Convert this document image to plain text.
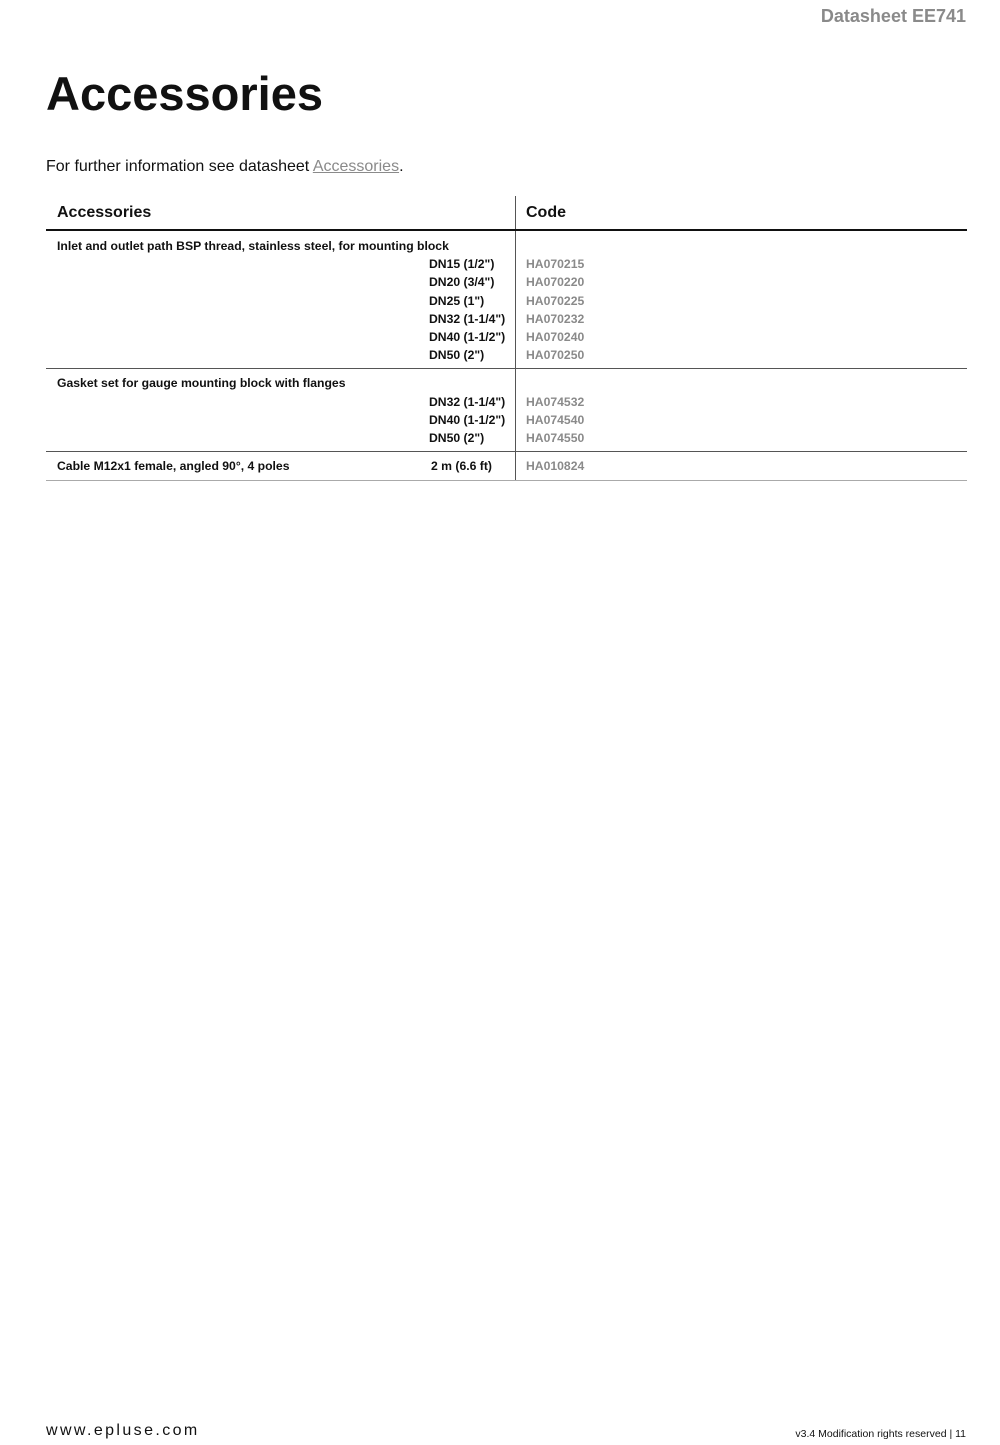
Datasheet EE741
Accessories
For further information see datasheet Accessories.
Accessories	Code
Inlet and outlet path BSP thread, stainless steel, for mounting block
DN15 (1/2")	HA070215
DN20 (3/4")	HA070220
DN25 (1")	HA070225
DN32 (1-1/4") HA070232
DN40 (1-1/2") HA070240
DN50 (2")	HA070250
Gasket set for gauge mounting block with flanges
DN32 (1-1/4") HA074532
DN40 (1-1/2") HA074540
DN50 (2")	HA074550
Cable M12x1 female, angled 90°, 4 poles	2 m (6.6 ft)	HA010824
www.epluse.com	v3.4 Modification rights reserved | 11
